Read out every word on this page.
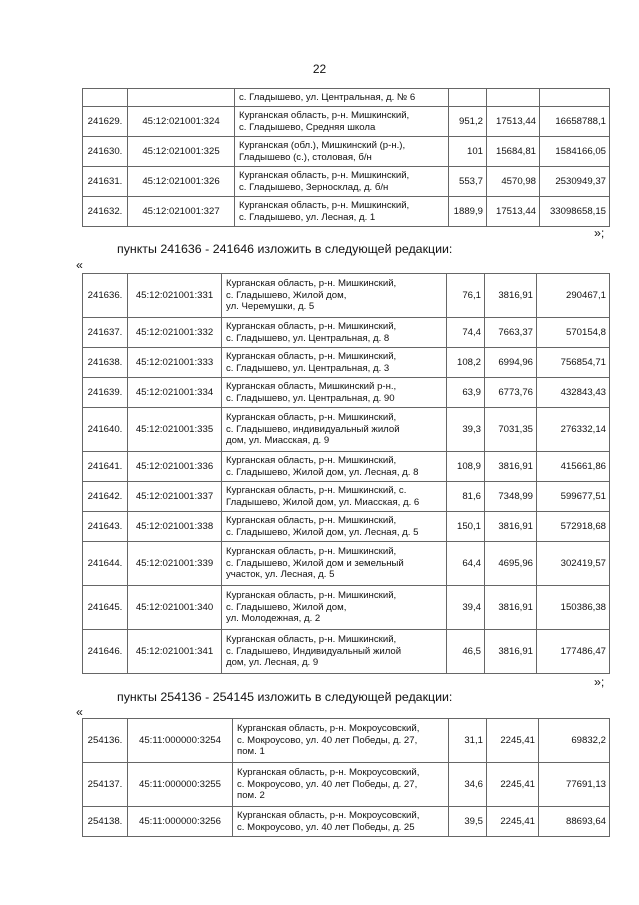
22

		с. Гладышево, ул. Центральная, д. № 6			

241629.	45:12:021001:324	Курганская область, р-н. Мишкинский,
с. Гладышево, Средняя школа	951,2	17513,44	16658788,1
241630.	45:12:021001:325	Курганская (обл.), Мишкинский (р-н.),
Гладышево (с.), столовая, б/н	101	15684,81	1584166,05
241631.	45:12:021001:326	Курганская область, р-н. Мишкинский,
с. Гладышево, Зерносклад, д. б/н	553,7	4570,98	2530949,37
241632.	45:12:021001:327	Курганская область, р-н. Мишкинский,
с. Гладышево, ул. Лесная, д. 1	1889,9	17513,44	33098658,15
»;
пункты 241636 - 241646 изложить в следующей редакции:
«
241636.	45:12:021001:331	Курганская область, р-н. Мишкинский,
с. Гладышево, Жилой дом,
ул. Черемушки, д. 5	76,1	3816,91	290467,1
241637.	45:12:021001:332	Курганская область, р-н. Мишкинский,
с. Гладышево, ул. Центральная, д. 8	74,4	7663,37	570154,8
241638.	45:12:021001:333	Курганская область, р-н. Мишкинский,
с. Гладышево, ул. Центральная, д. 3	108,2	6994,96	756854,71
241639.	45:12:021001:334	Курганская область, Мишкинский р-н.,
с. Гладышево, ул. Центральная, д. 90	63,9	6773,76	432843,43
241640.	45:12:021001:335	Курганская область, р-н. Мишкинский,
с. Гладышево, индивидуальный жилой
дом, ул. Миасская, д. 9	39,3	7031,35	276332,14
241641.	45:12:021001:336	Курганская область, р-н. Мишкинский,
с. Гладышево, Жилой дом, ул. Лесная, д. 8	108,9	3816,91	415661,86
241642.	45:12:021001:337	Курганская область, р-н. Мишкинский, с.
Гладышево, Жилой дом, ул. Миасская, д. 6	81,6	7348,99	599677,51
241643.	45:12:021001:338	Курганская область, р-н. Мишкинский,
с. Гладышево, Жилой дом, ул. Лесная, д. 5	150,1	3816,91	572918,68
241644.	45:12:021001:339	Курганская область, р-н. Мишкинский,
с. Гладышево, Жилой дом и земельный
участок, ул. Лесная, д. 5	64,4	4695,96	302419,57
241645.	45:12:021001:340	Курганская область, р-н. Мишкинский,
с. Гладышево, Жилой дом,
ул. Молодежная, д. 2	39,4	3816,91	150386,38
241646.	45:12:021001:341	Курганская область, р-н. Мишкинский,
с. Гладышево, Индивидуальный жилой
дом, ул. Лесная, д. 9	46,5	3816,91	177486,47
»;
пункты 254136 - 254145 изложить в следующей редакции:
«
254136.	45:11:000000:3254	Курганская область, р-н. Мокроусовский,
с. Мокроусово, ул. 40 лет Победы, д. 27,
пом. 1	31,1	2245,41	69832,2
254137.	45:11:000000:3255	Курганская область, р-н. Мокроусовский,
с. Мокроусово, ул. 40 лет Победы, д. 27,
пом. 2	34,6	2245,41	77691,13
254138.	45:11:000000:3256	Курганская область, р-н. Мокроусовский,
с. Мокроусово, ул. 40 лет Победы, д. 25	39,5	2245,41	88693,64
